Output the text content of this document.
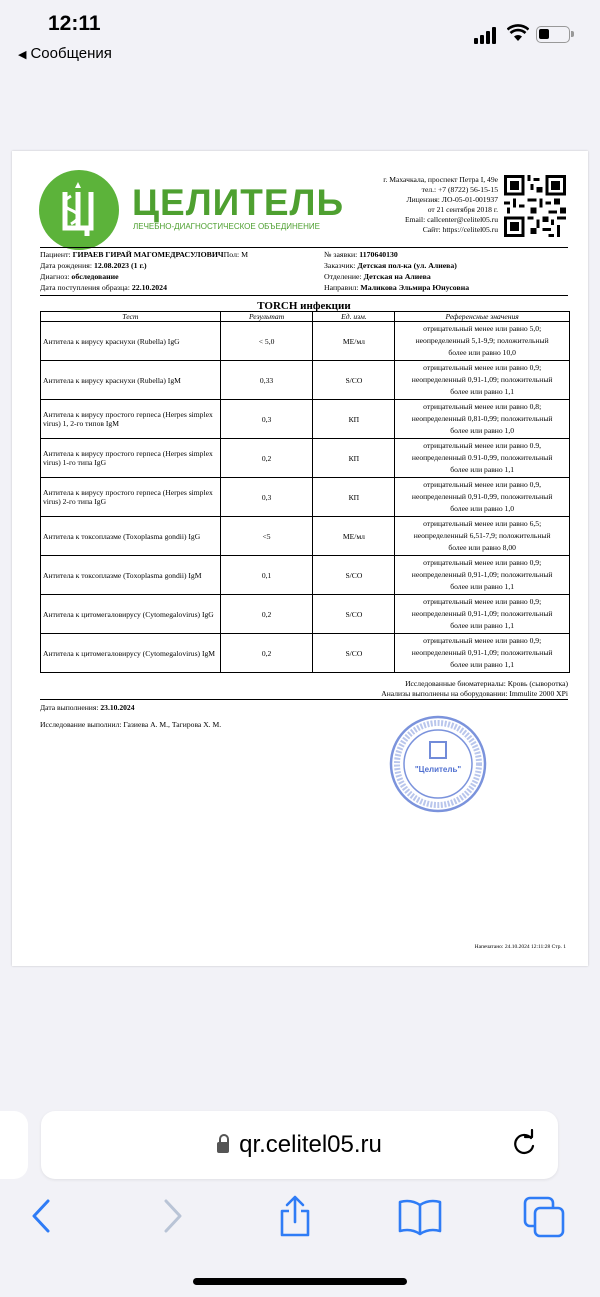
12:11
◀ Сообщения
ЦЕЛИТЕЛЬ
ЛЕЧЕБНО-ДИАГНОСТИЧЕСКОЕ ОБЪЕДИНЕНИЕ
г. Махачкала, проспект Петра I, 49е
тел.: +7 (8722) 56-15-15
Лицензия: ЛО-05-01-001937
от 21 сентября 2018 г.
Email: callcenter@celitel05.ru
Сайт: https://celitel05.ru
Пациент: ГИРАЕВ ГИРАЙ МАГОМЕДРАСУЛОВИЧПол: М
Дата рождения: 12.08.2023 (1 г.)
Диагноз: обследование
Дата поступления образца: 22.10.2024
№ заявки: 1170640130
Заказчик: Детская пол-ка (ул. Алиева)
Отделение: Детская на Алиева
Направил: Маликова Эльмира Юнусовна
TORCH инфекции
Тест	Результат	Ед. изм.	Референсные значения
Антитела к вирусу краснухи (Rubella) IgG	< 5,0	МЕ/мл	отрицательный менее или равно 5,0;
неопределенный 5,1-9,9; положительный
более или равно 10,0

Антитела к вирусу краснухи (Rubella) IgM	0,33	S/CO	отрицательный менее или равно 0,9;
неопределенный 0,91-1,09; положительный
более или равно 1,1

Антитела к вирусу простого герпеса (Herpes simplex virus) 1, 2-го типов IgM	0,3	КП	отрицательный менее или равно 0,8;
неопределенный 0,81-0,99; положительный
более или равно 1,0

Антитела к вирусу простого герпеса (Herpes simplex virus) 1-го типа IgG	0,2	КП	отрицательный менее или равно 0.9,
неопределенный 0.91-0,99, положительный
более или равно 1,1

Антитела к вирусу простого герпеса (Herpes simplex virus) 2-го типа IgG	0,3	КП	отрицательный менее или равно 0,9,
неопределенный 0,91-0,99, положительный
более или равно 1,0

Антитела к токсоплазме (Toxoplasma gondii) IgG	<5	МЕ/мл	отрицательный менее или равно 6,5;
неопределенный 6,51-7,9; положительный
более или равно 8,00

Антитела к токсоплазме (Toxoplasma gondii) IgM	0,1	S/CO	отрицательный менее или равно 0,9;
неопределенный 0,91-1,09; положительный
более или равно 1,1

Антитела к цитомегаловирусу (Cytomegalovirus) IgG	0,2	S/CO	отрицательный менее или равно 0,9;
неопределенный 0,91-1,09; положительный
более или равно 1,1

Антитела к цитомегаловирусу (Cytomegalovirus) IgM	0,2	S/CO	отрицательный менее или равно 0,9;
неопределенный 0,91-1,09; положительный
более или равно 1,1
Исследованные биоматериалы: Кровь (сыворотка)
Анализы выполнены на оборудовании: Immulite 2000 XPi
Дата выполнения: 23.10.2024
Исследование выполнил: Газиева А. М., Тагирова Х. М.
"Целитель"
Напечатано: 24.10.2024 12:11:28 Стр. 1
qr.celitel05.ru
